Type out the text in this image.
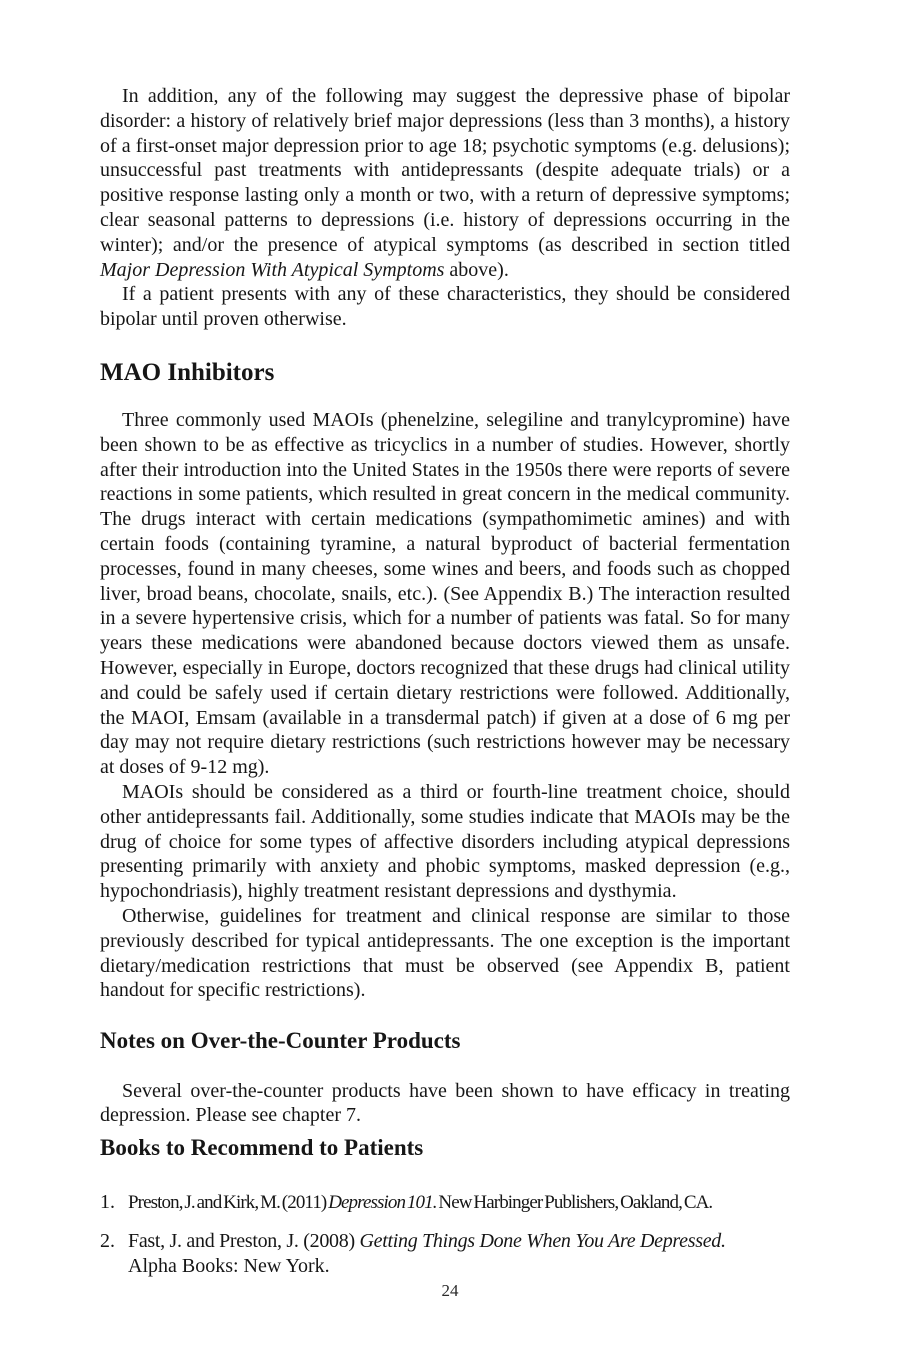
In addition, any of the following may suggest the depressive phase of bipolar disorder: a history of relatively brief major depressions (less than 3 months), a history of a first-onset major depression prior to age 18; psychotic symptoms (e.g. delusions); unsuccessful past treatments with antidepressants (despite adequate trials) or a positive response lasting only a month or two, with a return of depressive symptoms; clear seasonal patterns to depressions (i.e. history of depressions occurring in the winter); and/or the presence of atypical symptoms (as described in section titled Major Depression With Atypical Symptoms above).

If a patient presents with any of these characteristics, they should be considered bipolar until proven otherwise.

MAO Inhibitors

Three commonly used MAOIs (phenelzine, selegiline and tranylcypromine) have been shown to be as effective as tricyclics in a number of studies. However, shortly after their introduction into the United States in the 1950s there were reports of severe reactions in some patients, which resulted in great concern in the medical community. The drugs interact with certain medications (sympathomimetic amines) and with certain foods (containing tyramine, a natural byproduct of bacterial fermentation processes, found in many cheeses, some wines and beers, and foods such as chopped liver, broad beans, chocolate, snails, etc.). (See Appendix B.) The interaction resulted in a severe hypertensive crisis, which for a number of patients was fatal. So for many years these medications were abandoned because doctors viewed them as unsafe. However, especially in Europe, doctors recognized that these drugs had clinical utility and could be safely used if certain dietary restrictions were followed. Additionally, the MAOI, Emsam (available in a transdermal patch) if given at a dose of 6 mg per day may not require dietary restrictions (such restrictions however may be necessary at doses of 9-12 mg).

MAOIs should be considered as a third or fourth-line treatment choice, should other antidepressants fail. Additionally, some studies indicate that MAOIs may be the drug of choice for some types of affective disorders including atypical depressions presenting primarily with anxiety and phobic symptoms, masked depression (e.g., hypochondriasis), highly treatment resistant depressions and dysthymia.

Otherwise, guidelines for treatment and clinical response are similar to those previously described for typical antidepressants. The one exception is the important dietary/medication restrictions that must be observed (see Appendix B, patient handout for specific restrictions).

Notes on Over-the-Counter Products

Several over-the-counter products have been shown to have efficacy in treating depression. Please see chapter 7.

Books to Recommend to Patients
1. Preston, J. and Kirk, M. (2011) Depression 101. New Harbinger Publishers, Oakland, CA.
2. Fast, J. and Preston, J. (2008) Getting Things Done When You Are Depressed.
Alpha Books: New York.
24
